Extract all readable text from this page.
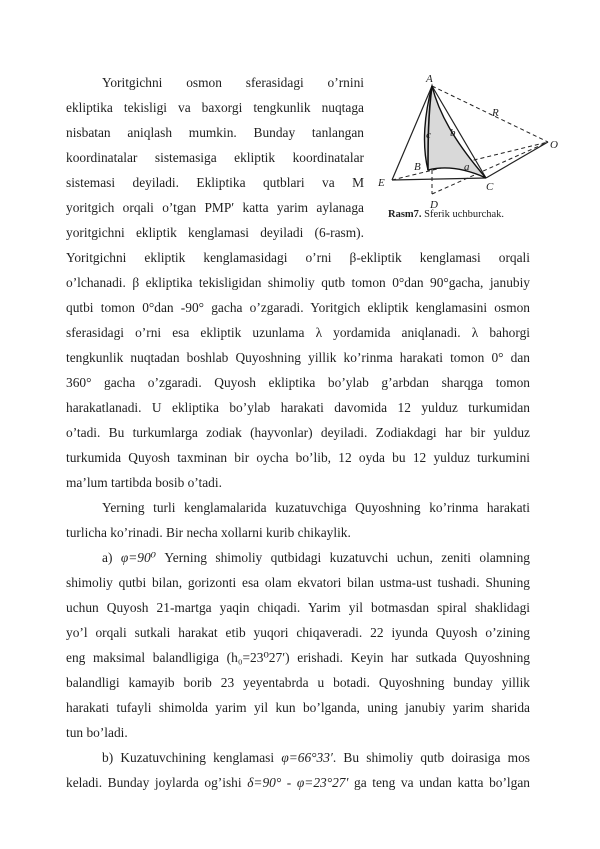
A
R
O
E
B
C
D
a
b
c
Rasm7. Sferik uchburchak.
Yoritgichni osmon sferasidagi o’rnini
ekliptika tekisligi va baxorgi tengkunlik nuqtaga
nisbatan aniqlash mumkin. Bunday tanlangan
koordinatalar sistemasiga ekliptik koordinatalar
sistemasi deyiladi. Ekliptika qutblari va M
yoritgich orqali o’tgan PMP′ katta yarim aylanaga
yoritgichni ekliptik kenglamasi deyiladi (6-rasm).
Yoritgichni ekliptik kenglamasidagi o’rni β-ekliptik kenglamasi orqali
o’lchanadi. β ekliptika tekisligidan shimoliy qutb tomon 0°dan 90°gacha, janubiy
qutbi tomon 0°dan -90° gacha o’zgaradi. Yoritgich ekliptik kenglamasini osmon
sferasidagi o’rni esa ekliptik uzunlama λ yordamida aniqlanadi. λ bahorgi
tengkunlik nuqtadan boshlab Quyoshning yillik ko’rinma harakati tomon 0° dan
360° gacha o’zgaradi. Quyosh ekliptika bo’ylab g’arbdan sharqga tomon
harakatlanadi. U ekliptika bo’ylab harakati davomida 12 yulduz turkumidan
o’tadi. Bu turkumlarga zodiak (hayvonlar) deyiladi. Zodiakdagi har bir yulduz
turkumida Quyosh taxminan bir oycha bo’lib, 12 oyda bu 12 yulduz turkumini
ma’lum tartibda bosib o’tadi.
Yerning turli kenglamalarida kuzatuvchiga Quyoshning ko’rinma harakati
turlicha ko’rinadi. Bir necha xollarni kurib chikaylik.
a) φ=90⁰ Yerning shimoliy qutbidagi kuzatuvchi uchun, zeniti olamning
shimoliy qutbi bilan, gorizonti esa olam ekvatori bilan ustma-ust tushadi. Shuning
uchun Quyosh 21-martga yaqin chiqadi. Yarim yil botmasdan spiral shaklidagi
yo’l orqali sutkali harakat etib yuqori chiqaveradi. 22 iyunda Quyosh o’zining
eng maksimal balandligiga (h₀=23⁰27′) erishadi. Keyin har sutkada Quyoshning
balandligi kamayib borib 23 yeyentabrda u botadi. Quyoshning bunday yillik
harakati tufayli shimolda yarim yil kun bo’lganda, uning janubiy yarim sharida
tun bo’ladi.
b) Kuzatuvchining kenglamasi φ=66°33′. Bu shimoliy qutb doirasiga mos
keladi. Bunday joylarda og’ishi δ=90° - φ=23°27′ ga teng va undan katta bo’lgan
